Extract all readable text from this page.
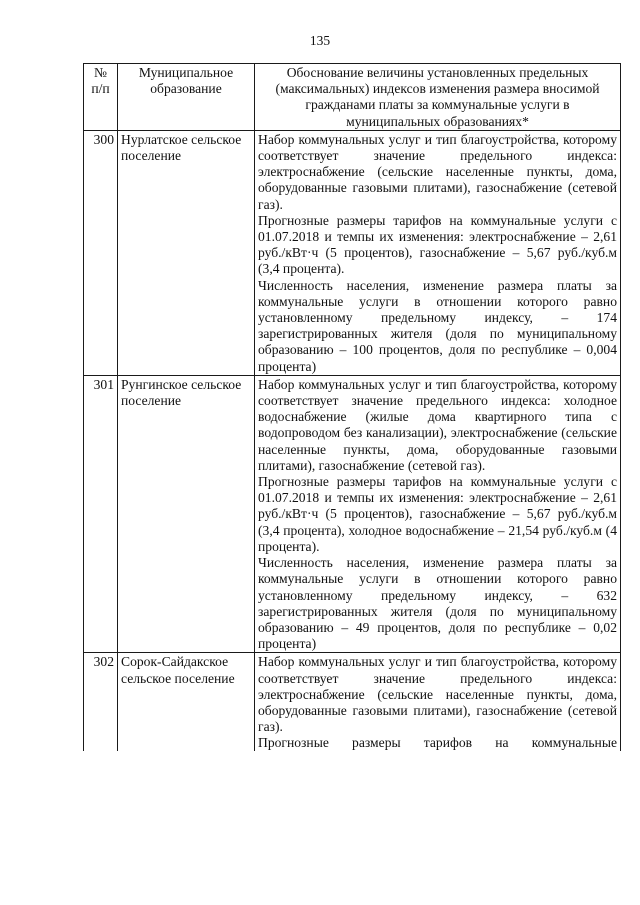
135
№ п/п	Муниципальное образование	Обоснование величины установленных предельных (максимальных) индексов изменения размера вносимой гражданами платы за коммунальные услуги в муниципальных образованиях*
300	Нурлатское сельское поселение	Набор коммунальных услуг и тип благоустройства, которому соответствует значение предельного индекса: электроснабжение (сельские населенные пункты, дома, оборудованные газовыми плитами), газоснабжение (сетевой газ).

Прогнозные размеры тарифов на коммунальные услуги с 01.07.2018 и темпы их изменения: электроснабжение – 2,61 руб./кВт·ч (5 процентов), газоснабжение – 5,67 руб./куб.м (3,4 процента).

Численность населения, изменение размера платы за коммунальные услуги в отношении которого равно установленному предельному индексу, – 174 зарегистрированных жителя (доля по муниципальному образованию – 100 процентов, доля по республике – 0,004 процента)

301	Рунгинское сельское поселение	Набор коммунальных услуг и тип благоустройства, которому соответствует значение предельного индекса: холодное водоснабжение (жилые дома квартирного типа с водопроводом без канализации), электроснабжение (сельские населенные пункты, дома, оборудованные газовыми плитами), газоснабжение (сетевой газ).

Прогнозные размеры тарифов на коммунальные услуги с 01.07.2018 и темпы их изменения: электроснабжение – 2,61 руб./кВт·ч (5 процентов), газоснабжение – 5,67 руб./куб.м (3,4 процента), холодное водоснабжение – 21,54 руб./куб.м (4 процента).

Численность населения, изменение размера платы за коммунальные услуги в отношении которого равно установленному предельному индексу, – 632 зарегистрированных жителя (доля по муниципальному образованию – 49 процентов, доля по республике – 0,02 процента)

302	Сорок-Сайдакское сельское поселение	Набор коммунальных услуг и тип благоустройства, которому соответствует значение предельного индекса: электроснабжение (сельские населенные пункты, дома, оборудованные газовыми плитами), газоснабжение (сетевой газ).

Прогнозные размеры тарифов на коммунальные
